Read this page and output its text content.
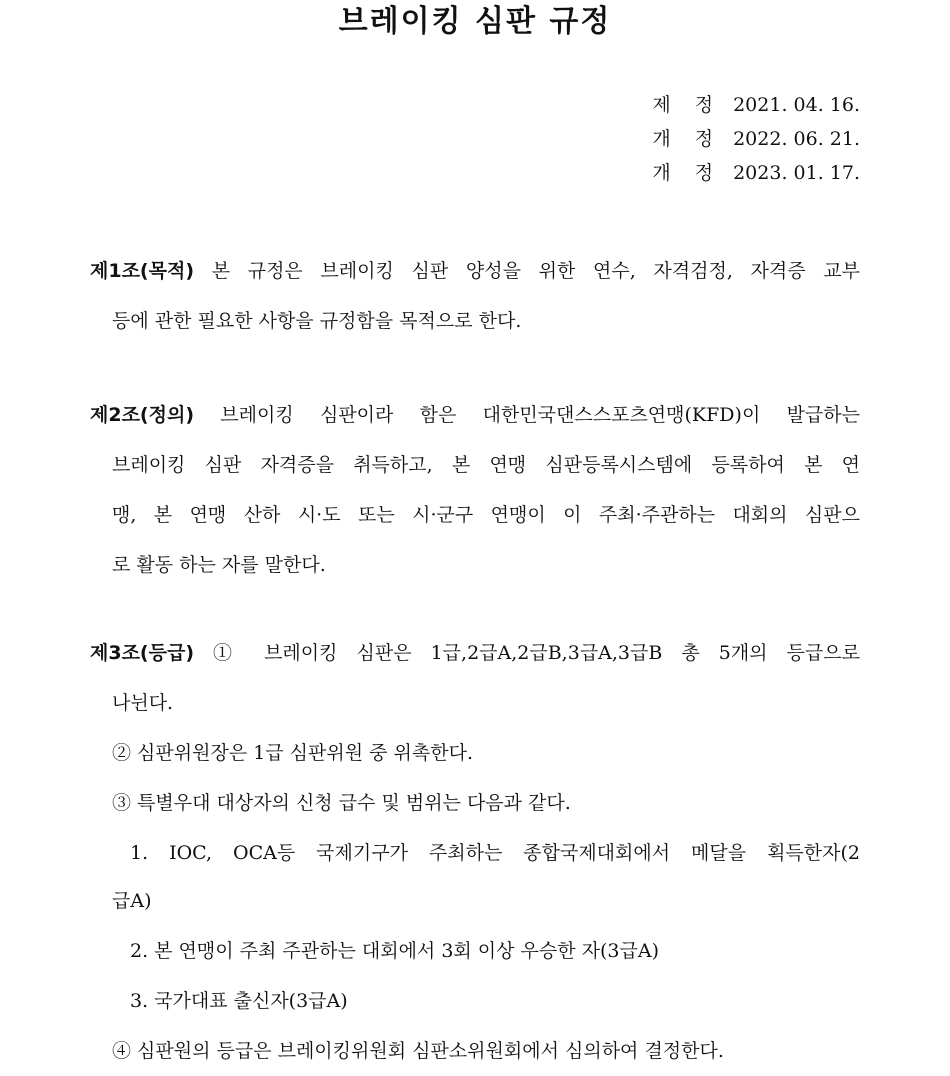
브레이킹 심판 규정
제정
2021. 04. 16.
개정
2022. 06. 21.
개정
2023. 01. 17.
제1조(목적) 본 규정은 브레이킹 심판 양성을 위한 연수, 자격검정, 자격증 교부
등에 관한 필요한 사항을 규정함을 목적으로 한다.
제2조(정의) 브레이킹 심판이라 함은 대한민국댄스스포츠연맹(KFD)이 발급하는
브레이킹 심판 자격증을 취득하고, 본 연맹 심판등록시스템에 등록하여 본 연
맹, 본 연맹 산하 시·도 또는 시·군구 연맹이 이 주최·주관하는 대회의 심판으
로 활동 하는 자를 말한다.
제3조(등급) ① 브레이킹 심판은 1급,2급A,2급B,3급A,3급B 총 5개의 등급으로
나뉜다.
② 심판위원장은 1급 심판위원 중 위촉한다.
③ 특별우대 대상자의 신청 급수 및 범위는 다음과 같다.
1. IOC, OCA등 국제기구가 주최하는 종합국제대회에서 메달을 획득한자(2
급A)
2. 본 연맹이 주최 주관하는 대회에서 3회 이상 우승한 자(3급A)
3. 국가대표 출신자(3급A)
④ 심판원의 등급은 브레이킹위원회 심판소위원회에서 심의하여 결정한다.
